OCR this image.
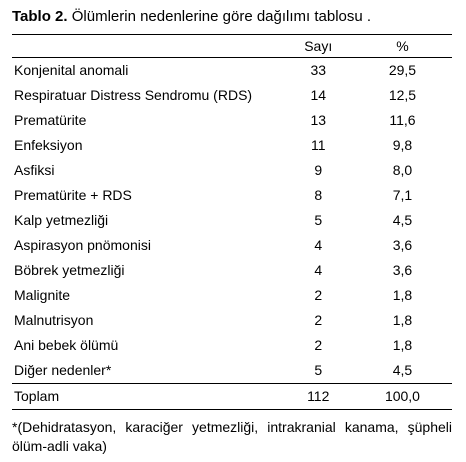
Tablo 2. Ölümlerin nedenlerine göre dağılımı tablosu .
	Sayı	%
Konjenital anomali	33	29,5
Respiratuar Distress Sendromu (RDS)	14	12,5
Prematürite	13	11,6
Enfeksiyon	11	9,8
Asfiksi	9	8,0
Prematürite + RDS	8	7,1
Kalp yetmezliği	5	4,5
Aspirasyon pnömonisi	4	3,6
Böbrek yetmezliği	4	3,6
Malignite	2	1,8
Malnutrisyon	2	1,8
Ani bebek ölümü	2	1,8
Diğer nedenler*	5	4,5
Toplam	112	100,0
*(Dehidratasyon, karaciğer yetmezliği, intrakranial kanama, şüpheli ölüm-adli vaka)
